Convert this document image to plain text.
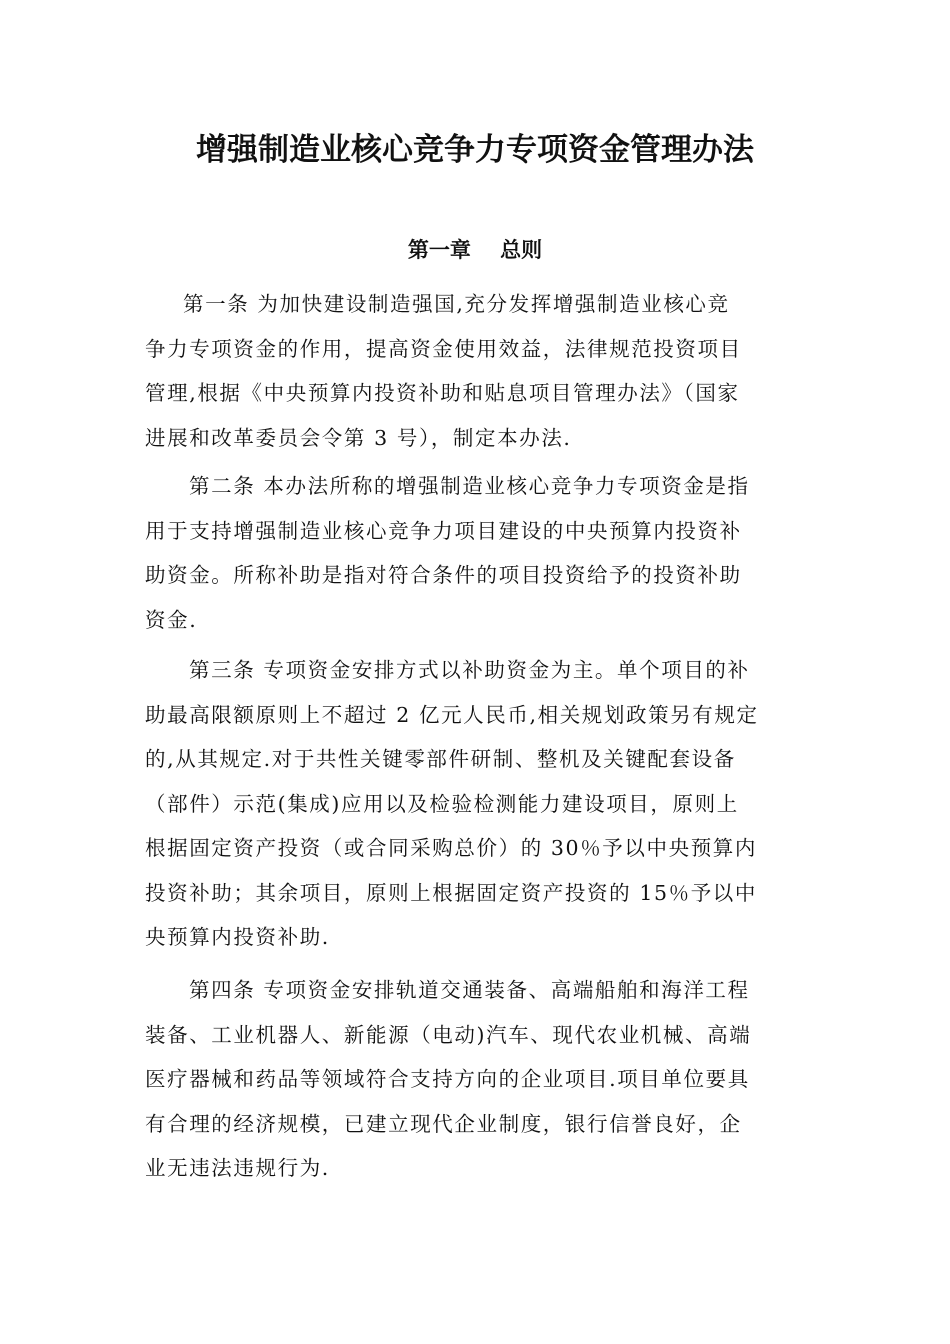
增强制造业核心竞争力专项资金管理办法
第一章    总则
第一条 为加快建设制造强国,充分发挥增强制造业核心竞
争力专项资金的作用，提高资金使用效益，法律规范投资项目
管理,根据《中央预算内投资补助和贴息项目管理办法》（国家
进展和改革委员会令第 3 号），制定本办法.
第二条 本办法所称的增强制造业核心竞争力专项资金是指
用于支持增强制造业核心竞争力项目建设的中央预算内投资补
助资金。所称补助是指对符合条件的项目投资给予的投资补助
资金.
第三条 专项资金安排方式以补助资金为主。单个项目的补
助最高限额原则上不超过 2 亿元人民币,相关规划政策另有规定
的,从其规定.对于共性关键零部件研制、整机及关键配套设备
（部件）示范(集成)应用以及检验检测能力建设项目，原则上
根据固定资产投资（或合同采购总价）的 30％予以中央预算内
投资补助；其余项目，原则上根据固定资产投资的 15％予以中
央预算内投资补助.
第四条 专项资金安排轨道交通装备、高端船舶和海洋工程
装备、工业机器人、新能源（电动)汽车、现代农业机械、高端
医疗器械和药品等领域符合支持方向的企业项目.项目单位要具
有合理的经济规模，已建立现代企业制度，银行信誉良好，企
业无违法违规行为.
